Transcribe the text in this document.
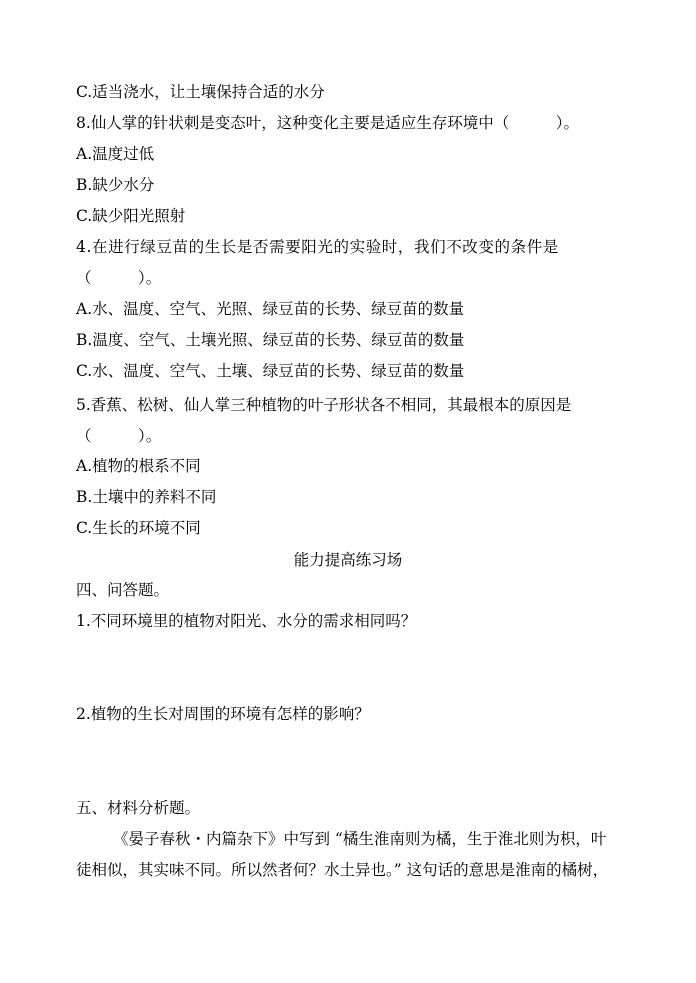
C.适当浇水，让土壤保持合适的水分
8.仙人掌的针状刺是变态叶，这种变化主要是适应生存环境中（　　　）。
A.温度过低
B.缺少水分
C.缺少阳光照射
4.在进行绿豆苗的生长是否需要阳光的实验时，我们不改变的条件是
（　　　）。
A.水、温度、空气、光照、绿豆苗的长势、绿豆苗的数量
B.温度、空气、土壤光照、绿豆苗的长势、绿豆苗的数量
C.水、温度、空气、土壤、绿豆苗的长势、绿豆苗的数量
5.香蕉、松树、仙人掌三种植物的叶子形状各不相同，其最根本的原因是
（　　　）。
A.植物的根系不同
B.土壤中的养料不同
C.生长的环境不同
能力提高练习场
四、问答题。
1.不同环境里的植物对阳光、水分的需求相同吗？
2.植物的生长对周围的环境有怎样的影响？
五、材料分析题。
《晏子春秋・内篇杂下》中写到 “橘生淮南则为橘，生于淮北则为枳，叶
徒相似，其实味不同。所以然者何？水土异也。” 这句话的意思是淮南的橘树，
